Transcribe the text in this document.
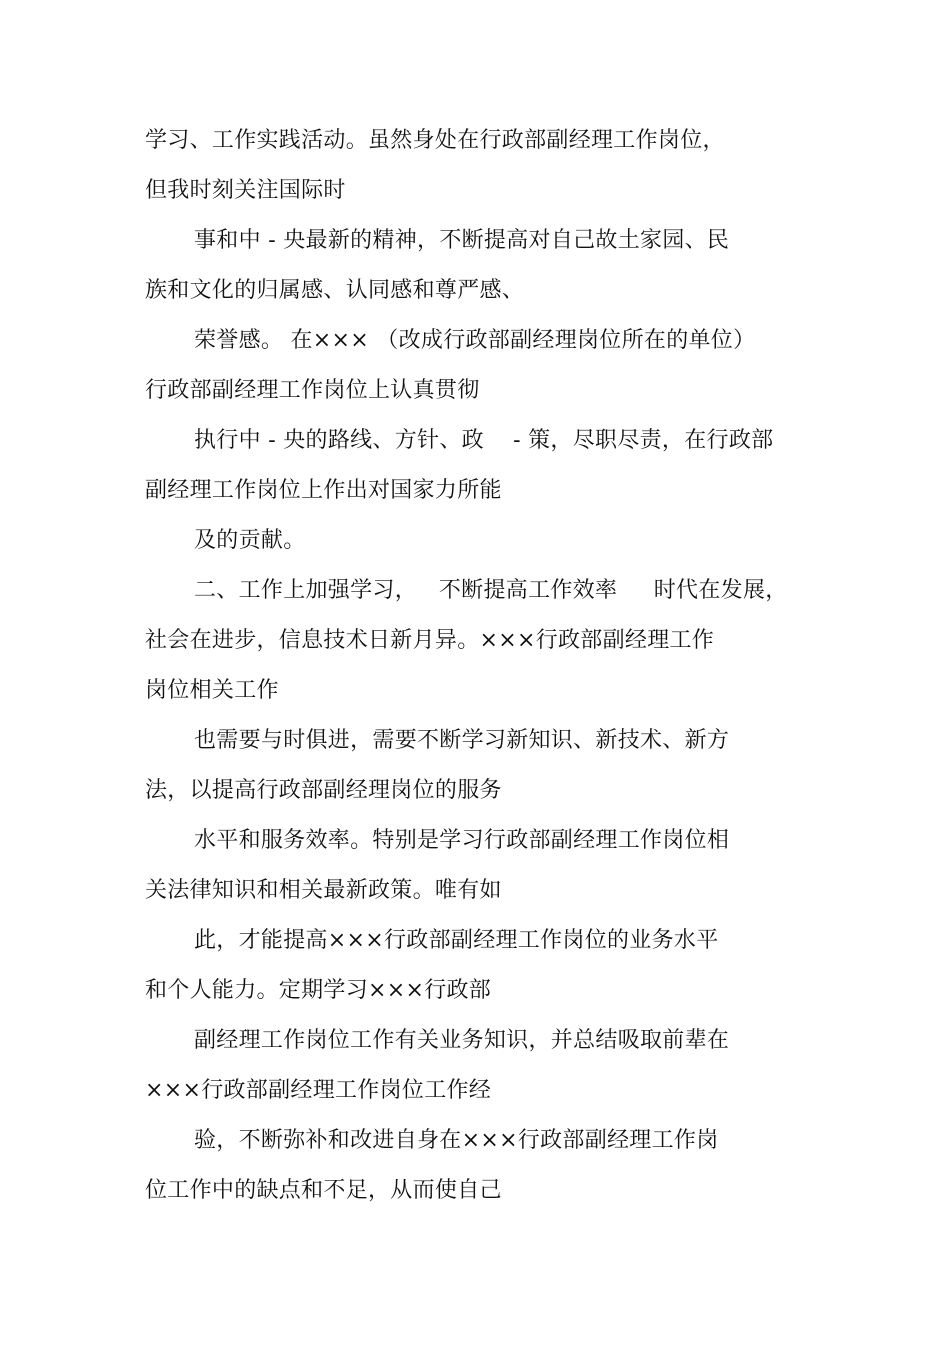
学习、工作实践活动。虽然身处在行政部副经理工作岗位，
但我时刻关注国际时
事和中 - 央最新的精神，不断提高对自己故土家园、民
族和文化的归属感、认同感和尊严感、
荣誉感。 在××× （改成行政部副经理岗位所在的单位）
行政部副经理工作岗位上认真贯彻
执行中 - 央的路线、方针、政    - 策，尽职尽责，在行政部
副经理工作岗位上作出对国家力所能
及的贡献。
二、工作上加强学习，   不断提高工作效率     时代在发展，
社会在进步，信息技术日新月异。×××行政部副经理工作
岗位相关工作
也需要与时俱进，需要不断学习新知识、新技术、新方
法，以提高行政部副经理岗位的服务
水平和服务效率。特别是学习行政部副经理工作岗位相
关法律知识和相关最新政策。唯有如
此，才能提高×××行政部副经理工作岗位的业务水平
和个人能力。定期学习×××行政部
副经理工作岗位工作有关业务知识，并总结吸取前辈在
×××行政部副经理工作岗位工作经
验，不断弥补和改进自身在×××行政部副经理工作岗
位工作中的缺点和不足，从而使自己
